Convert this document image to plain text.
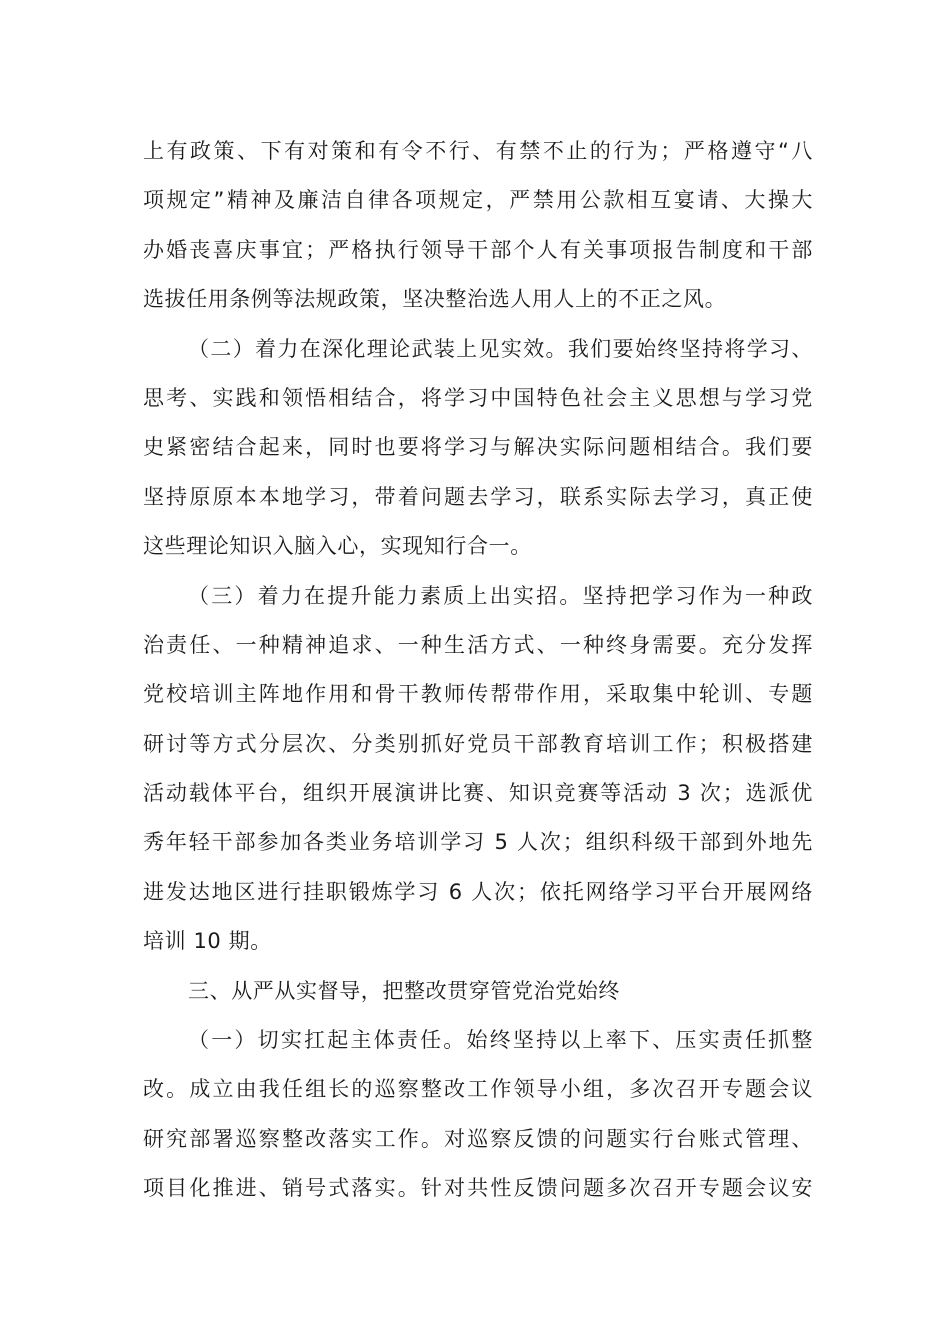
上有政策、下有对策和有令不行、有禁不止的行为；严格遵守“八
项规定”精神及廉洁自律各项规定，严禁用公款相互宴请、大操大
办婚丧喜庆事宜；严格执行领导干部个人有关事项报告制度和干部
选拔任用条例等法规政策，坚决整治选人用人上的不正之风。
（二）着力在深化理论武装上见实效。我们要始终坚持将学习、
思考、实践和领悟相结合，将学习中国特色社会主义思想与学习党
史紧密结合起来，同时也要将学习与解决实际问题相结合。我们要
坚持原原本本地学习，带着问题去学习，联系实际去学习，真正使
这些理论知识入脑入心，实现知行合一。
（三）着力在提升能力素质上出实招。坚持把学习作为一种政
治责任、一种精神追求、一种生活方式、一种终身需要。充分发挥
党校培训主阵地作用和骨干教师传帮带作用，采取集中轮训、专题
研讨等方式分层次、分类别抓好党员干部教育培训工作；积极搭建
活动载体平台，组织开展演讲比赛、知识竞赛等活动 3 次；选派优
秀年轻干部参加各类业务培训学习 5 人次；组织科级干部到外地先
进发达地区进行挂职锻炼学习 6 人次；依托网络学习平台开展网络
培训 10 期。
三、从严从实督导，把整改贯穿管党治党始终
（一）切实扛起主体责任。始终坚持以上率下、压实责任抓整
改。成立由我任组长的巡察整改工作领导小组，多次召开专题会议
研究部署巡察整改落实工作。对巡察反馈的问题实行台账式管理、
项目化推进、销号式落实。针对共性反馈问题多次召开专题会议安
